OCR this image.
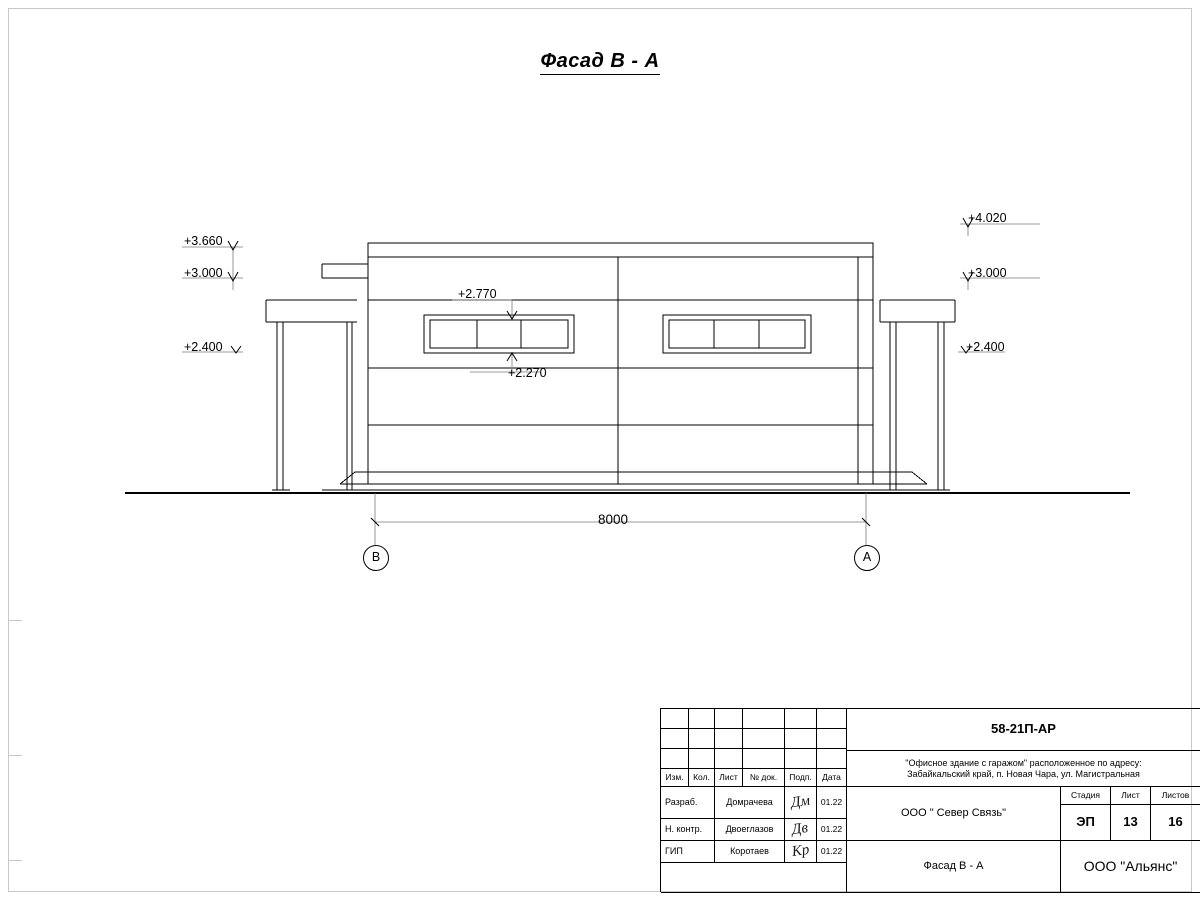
Фасад В - А
+3.660
+3.000
+2.400
+4.020
+3.000
+2.400
+2.770
+2.270
8000
В	А
Изм.	Кол.	Лист	№ док.	Подп.	Дата
Разраб.	Домрачева	Дм	01.22
Н. контр.	Двоеглазов	Дв	01.22
ГИП	Коротаев	Кр	01.22
58-21П-АР
"Офисное здание с гаражом" расположенное по адресу:
Забайкальский край, п. Новая Чара, ул. Магистральная
ООО " Север Связь"
Стадия	Лист	Листов
ЭП	13	16
Фасад В - А	ООО "Альянс"
